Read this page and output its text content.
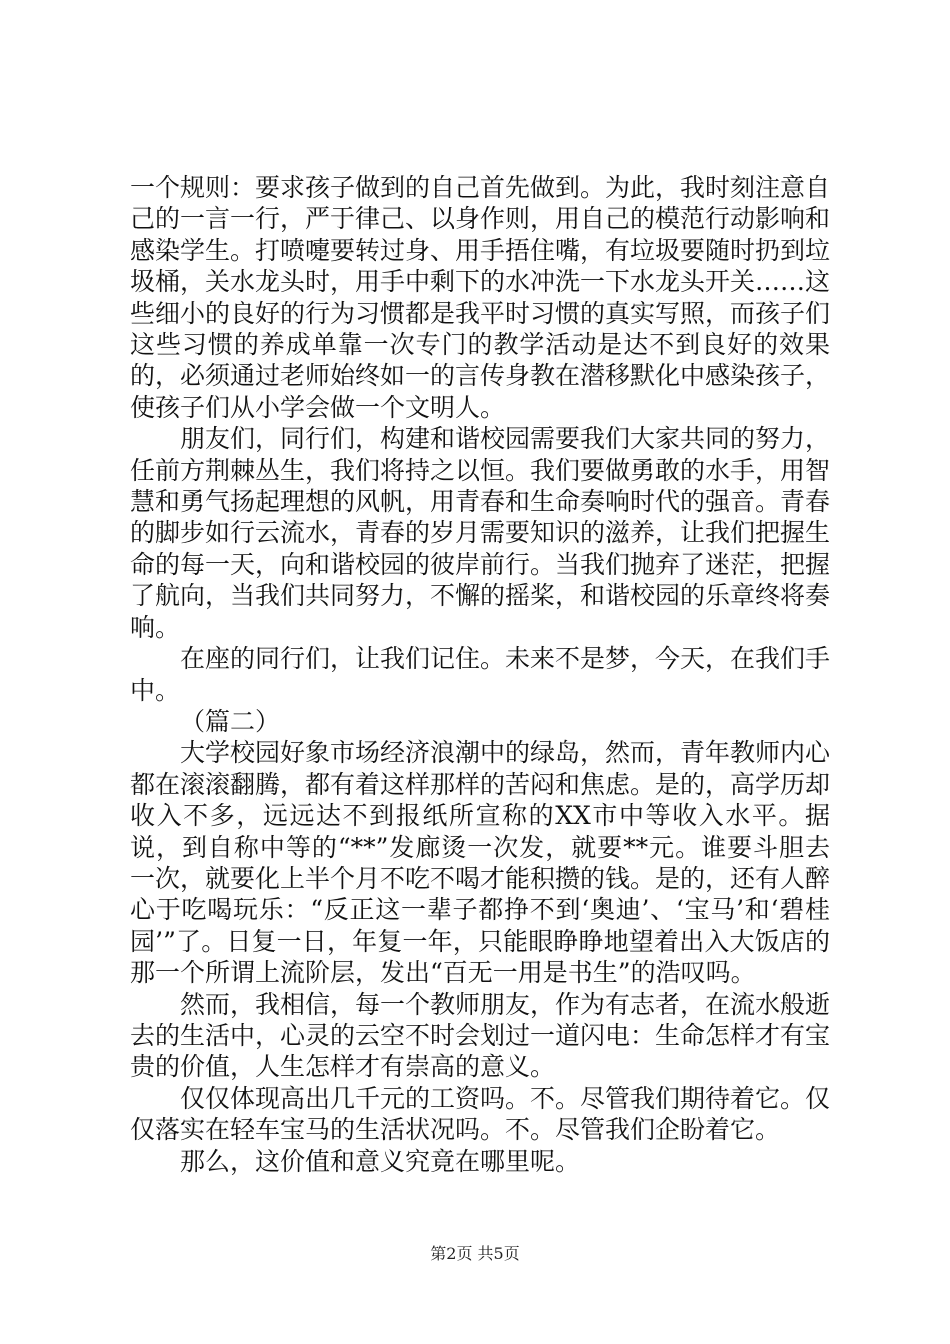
一个规则：要求孩子做到的自己首先做到。为此，我时刻注意自己的一言一行，严于律己、以身作则，用自己的模范行动影响和感染学生。打喷嚏要转过身、用手捂住嘴，有垃圾要随时扔到垃圾桶，关水龙头时，用手中剩下的水冲洗一下水龙头开关……这些细小的良好的行为习惯都是我平时习惯的真实写照，而孩子们这些习惯的养成单靠一次专门的教学活动是达不到良好的效果的，必须通过老师始终如一的言传身教在潜移默化中感染孩子，使孩子们从小学会做一个文明人。

朋友们，同行们，构建和谐校园需要我们大家共同的努力，任前方荆棘丛生，我们将持之以恒。我们要做勇敢的水手，用智慧和勇气扬起理想的风帆，用青春和生命奏响时代的强音。青春的脚步如行云流水，青春的岁月需要知识的滋养，让我们把握生命的每一天，向和谐校园的彼岸前行。当我们抛弃了迷茫，把握了航向，当我们共同努力，不懈的摇桨，和谐校园的乐章终将奏响。

在座的同行们，让我们记住。未来不是梦，今天，在我们手中。

（篇二）

大学校园好象市场经济浪潮中的绿岛，然而，青年教师内心都在滚滚翻腾，都有着这样那样的苦闷和焦虑。是的，高学历却收入不多，远远达不到报纸所宣称的XX市中等收入水平。据说，到自称中等的“**”发廊烫一次发，就要**元。谁要斗胆去一次，就要化上半个月不吃不喝才能积攒的钱。是的，还有人醉心于吃喝玩乐：“反正这一辈子都挣不到‘奥迪’、‘宝马’和‘碧桂园’”了。日复一日，年复一年，只能眼睁睁地望着出入大饭店的那一个所谓上流阶层，发出“百无一用是书生”的浩叹吗。

然而，我相信，每一个教师朋友，作为有志者，在流水般逝去的生活中，心灵的云空不时会划过一道闪电：生命怎样才有宝贵的价值，人生怎样才有崇高的意义。

仅仅体现高出几千元的工资吗。不。尽管我们期待着它。仅仅落实在轻车宝马的生活状况吗。不。尽管我们企盼着它。

那么，这价值和意义究竟在哪里呢。

第2页 共5页
